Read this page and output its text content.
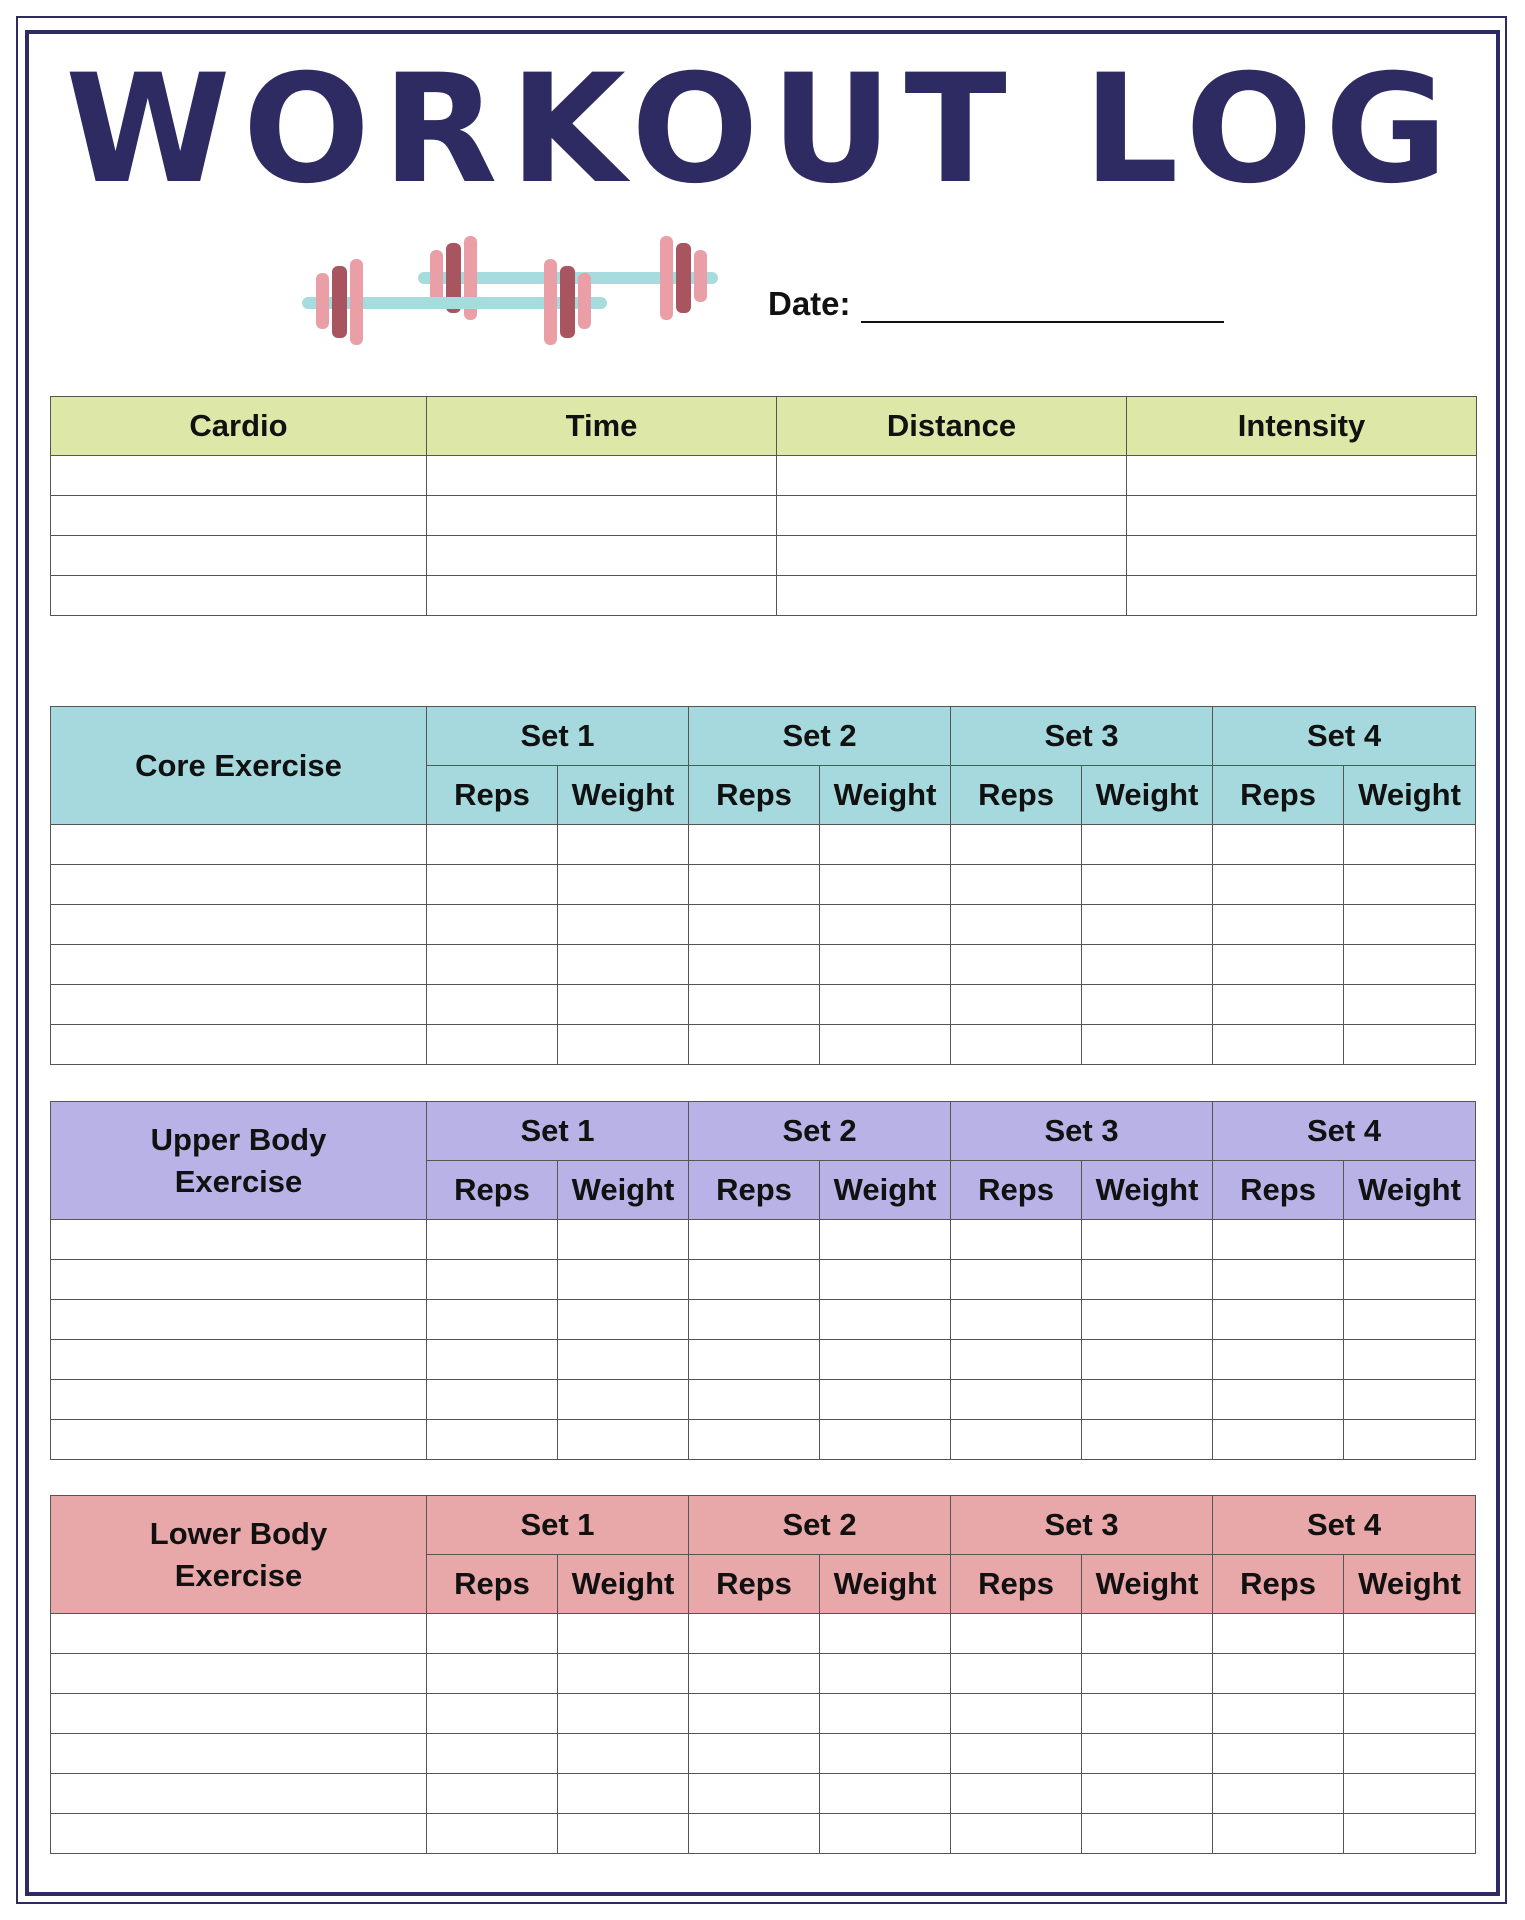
WORKOUT LOG
Date:
Cardio	Time	Distance	Intensity

Core Exercise	Set 1		Set 2		Set 3		Set 4	
	Reps	Weight	Reps	Weight	Reps	Weight	Reps	Weight

Upper Body
Exercise	Set 1		Set 2		Set 3		Set 4	
	Reps	Weight	Reps	Weight	Reps	Weight	Reps	Weight

Lower Body
Exercise	Set 1		Set 2		Set 3		Set 4	
	Reps	Weight	Reps	Weight	Reps	Weight	Reps	Weight
